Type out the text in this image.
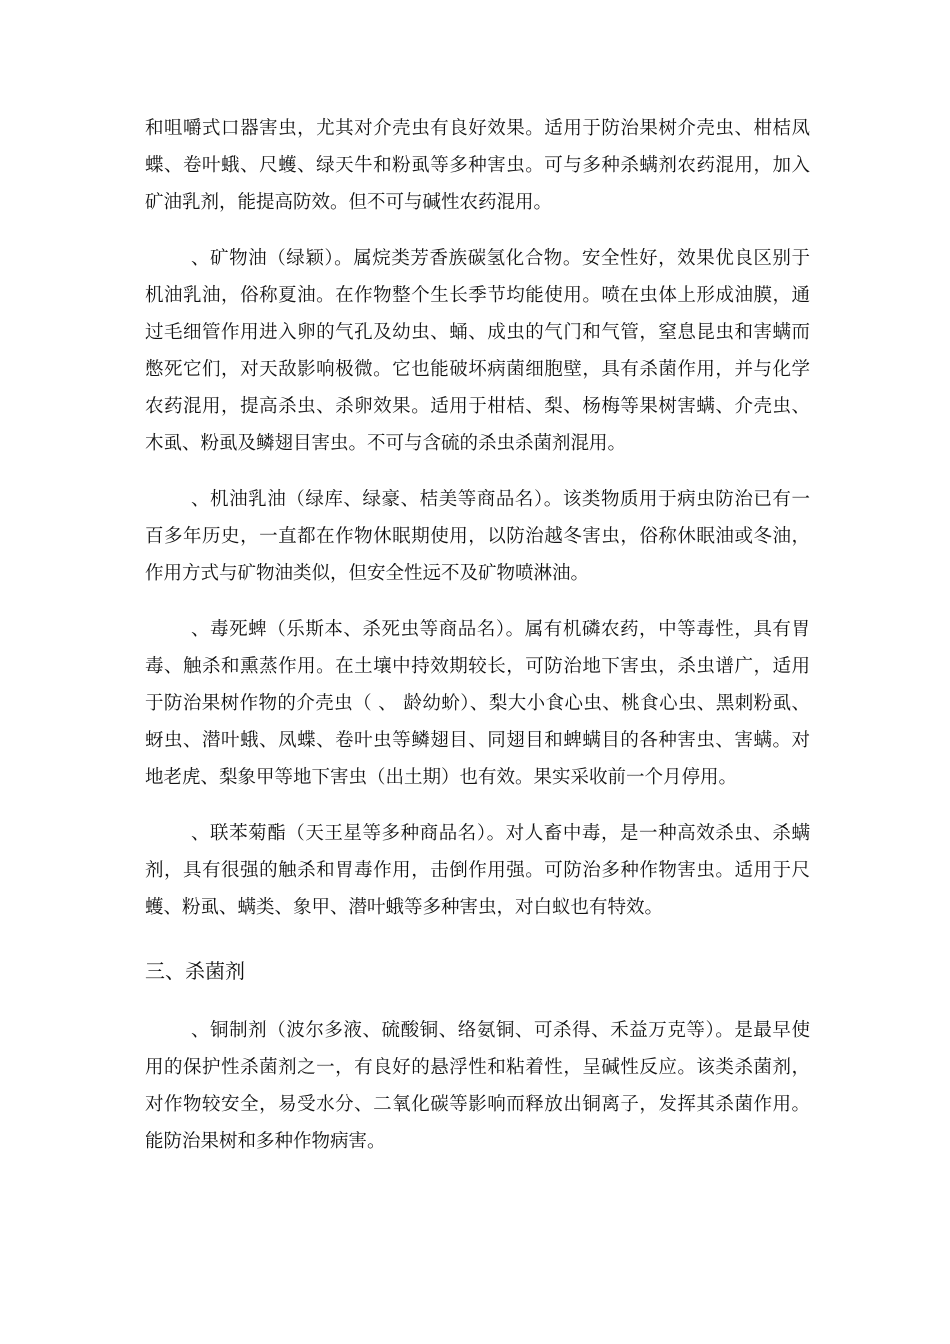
和咀嚼式口器害虫，尤其对介壳虫有良好效果。适用于防治果树介壳虫、柑桔凤蝶、卷叶蛾、尺蠖、绿天牛和粉虱等多种害虫。可与多种杀螨剂农药混用，加入矿油乳剂，能提高防效。但不可与碱性农药混用。

、矿物油（绿颖）。属烷类芳香族碳氢化合物。安全性好，效果优良区别于机油乳油，俗称夏油。在作物整个生长季节均能使用。喷在虫体上形成油膜，通过毛细管作用进入卵的气孔及幼虫、蛹、成虫的气门和气管，窒息昆虫和害螨而憋死它们，对天敌影响极微。它也能破坏病菌细胞壁，具有杀菌作用，并与化学农药混用，提高杀虫、杀卵效果。适用于柑桔、梨、杨梅等果树害螨、介壳虫、木虱、粉虱及鳞翅目害虫。不可与含硫的杀虫杀菌剂混用。

、机油乳油（绿库、绿豪、桔美等商品名）。该类物质用于病虫防治已有一百多年历史，一直都在作物休眠期使用，以防治越冬害虫，俗称休眠油或冬油，作用方式与矿物油类似，但安全性远不及矿物喷淋油。

、毒死蜱（乐斯本、杀死虫等商品名）。属有机磷农药，中等毒性，具有胃毒、触杀和熏蒸作用。在土壤中持效期较长，可防治地下害虫，杀虫谱广，适用于防治果树作物的介壳虫（ 、 龄幼蚧）、梨大小食心虫、桃食心虫、黑刺粉虱、蚜虫、潜叶蛾、凤蝶、卷叶虫等鳞翅目、同翅目和蜱螨目的各种害虫、害螨。对地老虎、梨象甲等地下害虫（出土期）也有效。果实采收前一个月停用。

、联苯菊酯（天王星等多种商品名）。对人畜中毒，是一种高效杀虫、杀螨剂，具有很强的触杀和胃毒作用，击倒作用强。可防治多种作物害虫。适用于尺蠖、粉虱、螨类、象甲、潜叶蛾等多种害虫，对白蚁也有特效。

三、杀菌剂

、铜制剂（波尔多液、硫酸铜、络氨铜、可杀得、禾益万克等）。是最早使用的保护性杀菌剂之一，有良好的悬浮性和粘着性，呈碱性反应。该类杀菌剂，对作物较安全，易受水分、二氧化碳等影响而释放出铜离子，发挥其杀菌作用。能防治果树和多种作物病害。
